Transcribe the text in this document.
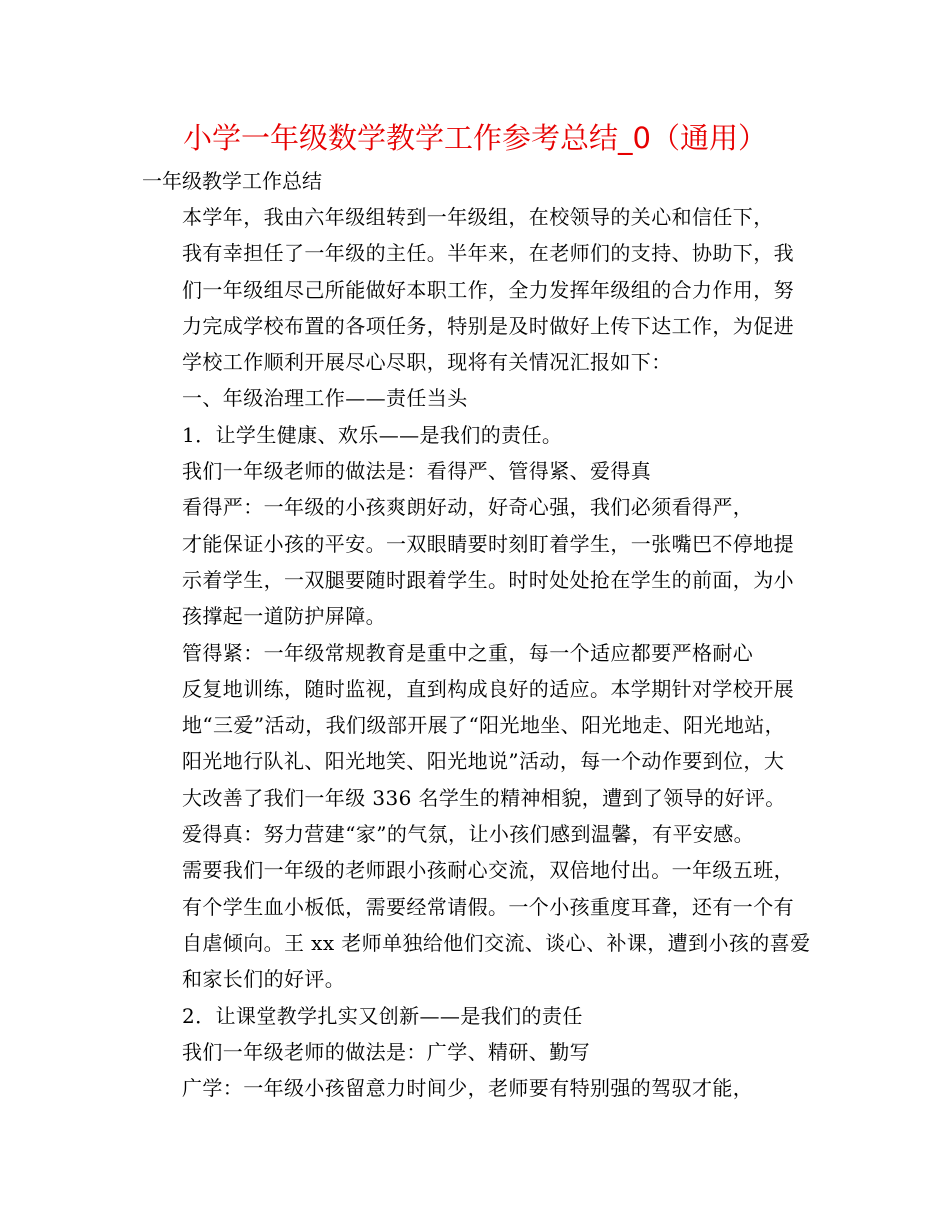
小学一年级数学教学工作参考总结_0（通用）
一年级教学工作总结

本学年，我由六年级组转到一年级组，在校领导的关心和信任下，
我有幸担任了一年级的主任。半年来，在老师们的支持、协助下，我
们一年级组尽己所能做好本职工作，全力发挥年级组的合力作用，努
力完成学校布置的各项任务，特别是及时做好上传下达工作，为促进
学校工作顺利开展尽心尽职，现将有关情况汇报如下：

一、年级治理工作——责任当头

1．让学生健康、欢乐——是我们的责任。

我们一年级老师的做法是：看得严、管得紧、爱得真

看得严：一年级的小孩爽朗好动，好奇心强，我们必须看得严，
才能保证小孩的平安。一双眼睛要时刻盯着学生，一张嘴巴不停地提
示着学生，一双腿要随时跟着学生。时时处处抢在学生的前面，为小
孩撑起一道防护屏障。

管得紧：一年级常规教育是重中之重，每一个适应都要严格耐心
反复地训练，随时监视，直到构成良好的适应。本学期针对学校开展
地“三爱”活动，我们级部开展了“阳光地坐、阳光地走、阳光地站，
阳光地行队礼、阳光地笑、阳光地说”活动，每一个动作要到位，大
大改善了我们一年级 336 名学生的精神相貌，遭到了领导的好评。

爱得真：努力营建“家”的气氛，让小孩们感到温馨，有平安感。
需要我们一年级的老师跟小孩耐心交流，双倍地付出。一年级五班，
有个学生血小板低，需要经常请假。一个小孩重度耳聋，还有一个有
自虐倾向。王 xx 老师单独给他们交流、谈心、补课，遭到小孩的喜爱
和家长们的好评。

2．让课堂教学扎实又创新——是我们的责任

我们一年级老师的做法是：广学、精研、勤写

广学：一年级小孩留意力时间少，老师要有特别强的驾驭才能，
